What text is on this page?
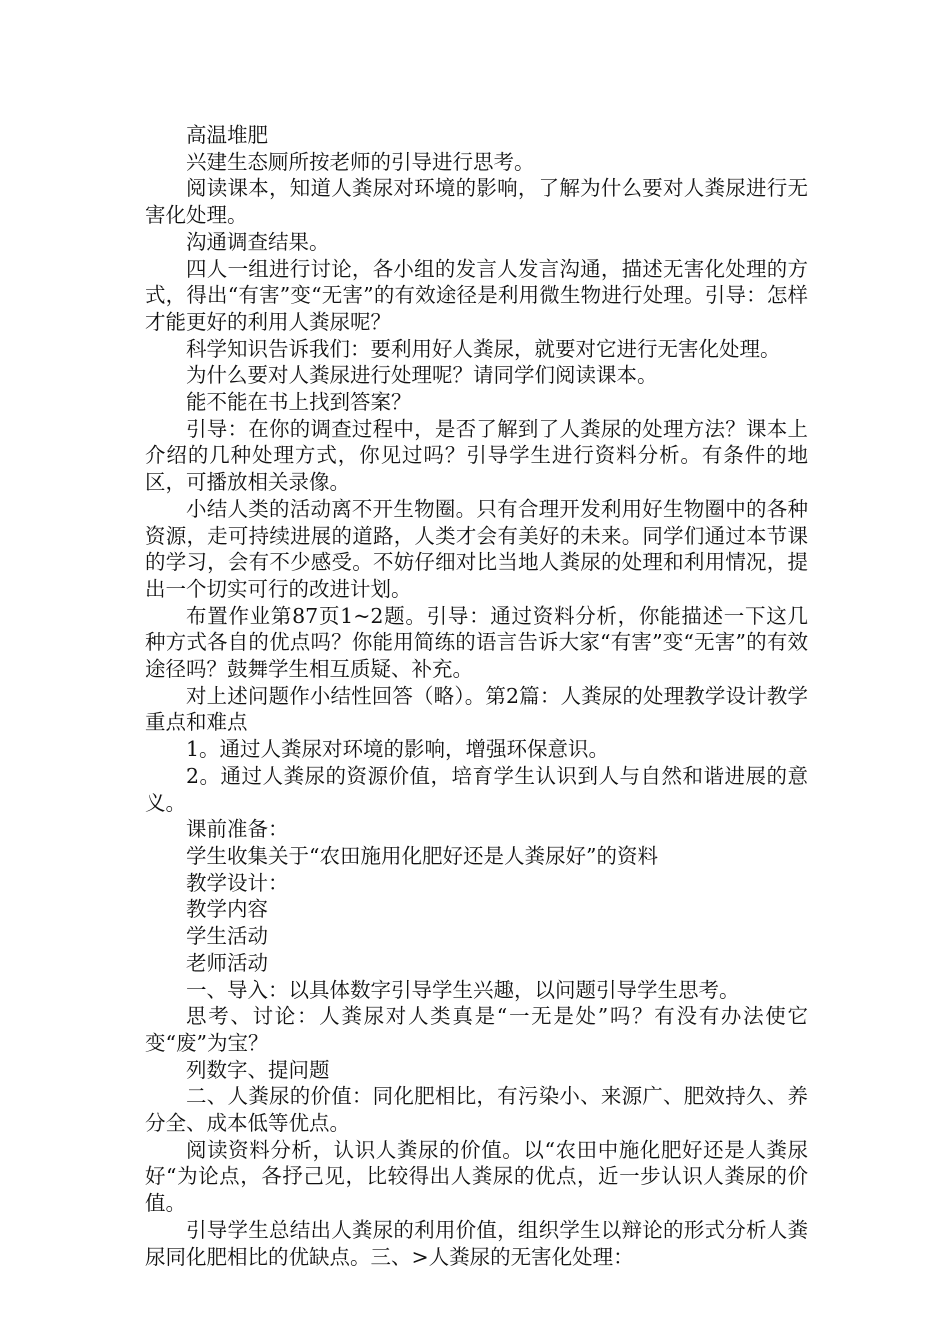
高温堆肥

兴建生态厕所按老师的引导进行思考。

阅读课本，知道人粪尿对环境的影响，了解为什么要对人粪尿进行无害化处理。

沟通调查结果。

四人一组进行讨论，各小组的发言人发言沟通，描述无害化处理的方式，得出“有害”变“无害”的有效途径是利用微生物进行处理。引导：怎样才能更好的利用人粪尿呢？

科学知识告诉我们：要利用好人粪尿，就要对它进行无害化处理。

为什么要对人粪尿进行处理呢？请同学们阅读课本。

能不能在书上找到答案？

引导：在你的调查过程中，是否了解到了人粪尿的处理方法？课本上介绍的几种处理方式，你见过吗？引导学生进行资料分析。有条件的地区，可播放相关录像。

小结人类的活动离不开生物圈。只有合理开发利用好生物圈中的各种资源，走可持续进展的道路，人类才会有美好的未来。同学们通过本节课的学习，会有不少感受。不妨仔细对比当地人粪尿的处理和利用情况，提出一个切实可行的改进计划。

布置作业第87页1~2题。引导：通过资料分析，你能描述一下这几种方式各自的优点吗？你能用简练的语言告诉大家“有害”变“无害”的有效途径吗？鼓舞学生相互质疑、补充。

对上述问题作小结性回答（略）。第2篇：人粪尿的处理教学设计教学重点和难点

1。通过人粪尿对环境的影响，增强环保意识。

2。通过人粪尿的资源价值，培育学生认识到人与自然和谐进展的意义。

课前准备：

学生收集关于“农田施用化肥好还是人粪尿好”的资料

教学设计：

教学内容

学生活动

老师活动

一、导入：以具体数字引导学生兴趣，以问题引导学生思考。

思考、讨论：人粪尿对人类真是“一无是处”吗？有没有办法使它变“废”为宝？

列数字、提问题

二、人粪尿的价值：同化肥相比，有污染小、来源广、肥效持久、养分全、成本低等优点。

阅读资料分析，认识人粪尿的价值。以“农田中施化肥好还是人粪尿好“为论点，各抒己见，比较得出人粪尿的优点，近一步认识人粪尿的价值。

引导学生总结出人粪尿的利用价值，组织学生以辩论的形式分析人粪尿同化肥相比的优缺点。三、>人粪尿的无害化处理：
